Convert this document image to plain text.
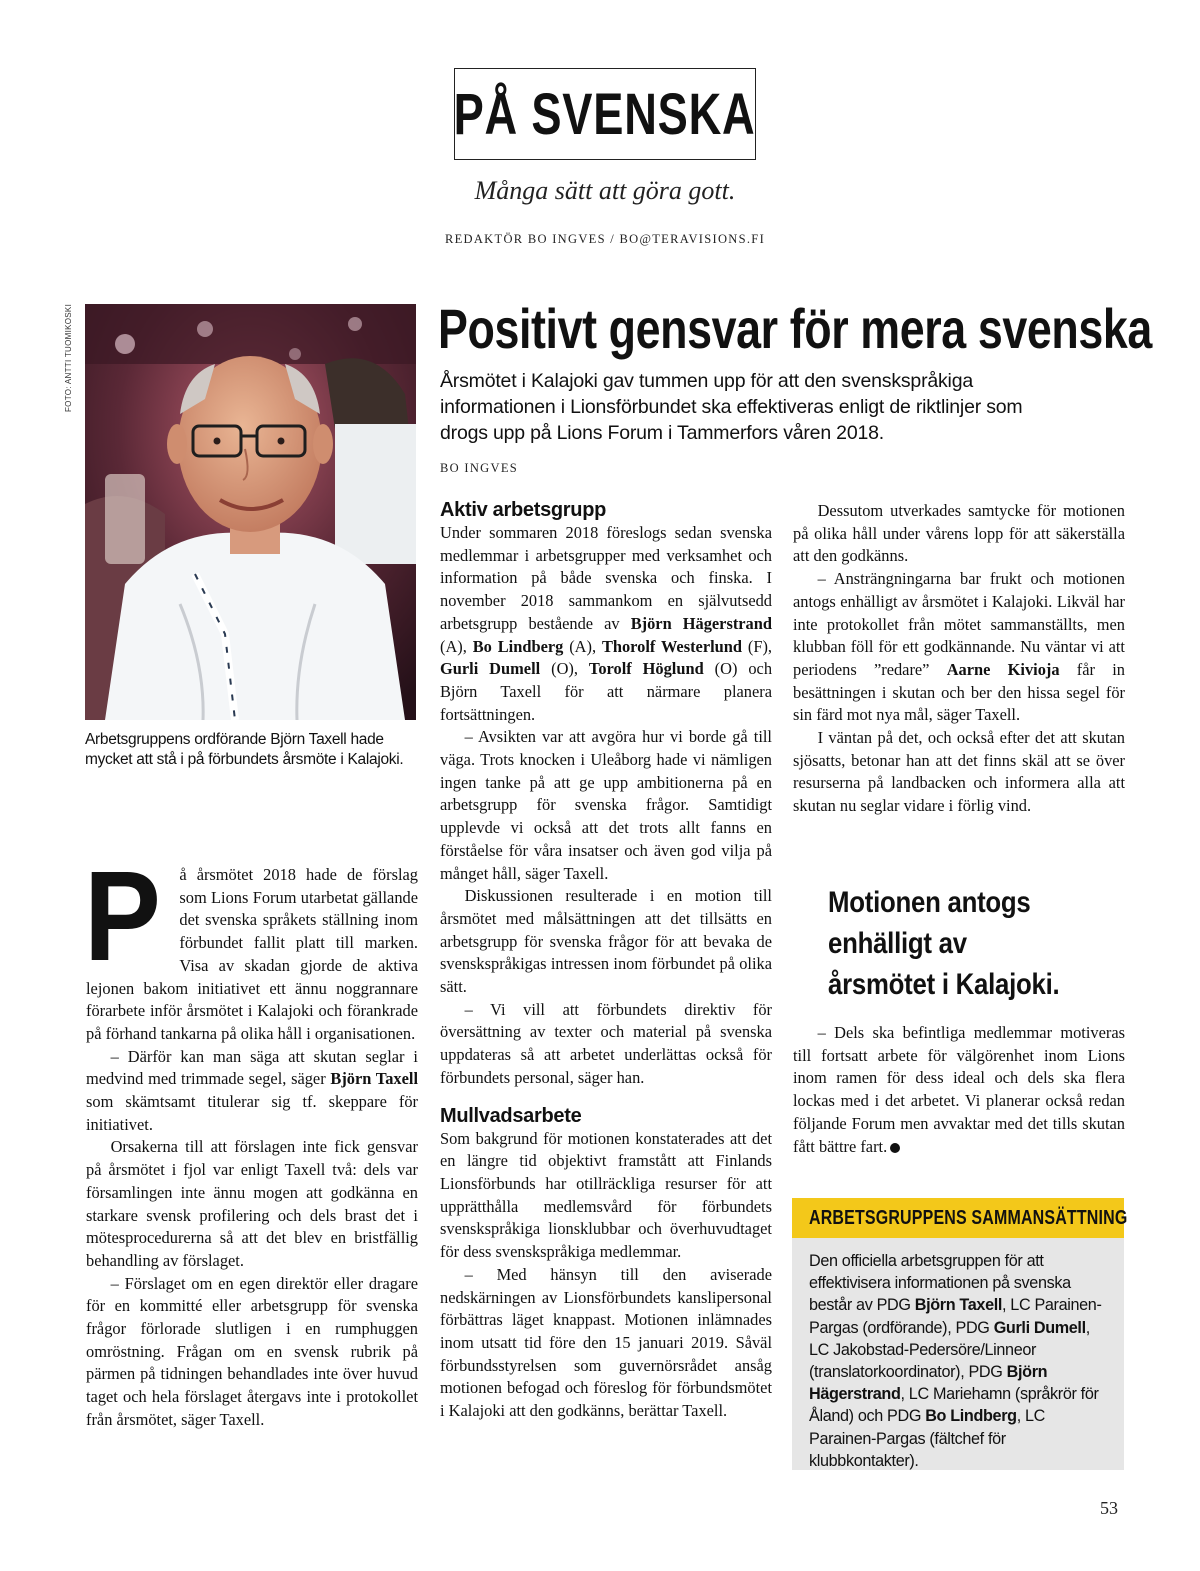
PÅ SVENSKA
Många sätt att göra gott.
REDAKTÖR BO INGVES / BO@TERAVISIONS.FI
FOTO: ANTTI TUOMIKOSKI
Arbetsgruppens ordförande Björn Taxell hade mycket att stå i på förbundets årsmöte i Kalajoki.
Positivt gensvar för mera svenska
Årsmötet i Kalajoki gav tummen upp för att den svenskspråkiga informationen i Lionsförbundet ska effektiveras enligt de riktlinjer som drogs upp på Lions Forum i Tammerfors våren 2018.
BO INGVES

P å årsmötet 2018 hade de förslag som Lions Forum utarbetat gällande det svenska språkets ställning inom förbundet fallit platt till marken. Visa av skadan gjorde de aktiva lejonen bakom initiativet ett ännu noggrannare förarbete inför årsmötet i Kalajoki och förankrade på förhand tankarna på olika håll i organisationen.

– Därför kan man säga att skutan seglar i medvind med trimmade segel, säger Björn Taxell som skämtsamt titulerar sig tf. skeppare för initiativet.

Orsakerna till att förslagen inte fick gensvar på årsmötet i fjol var enligt Taxell två: dels var församlingen inte ännu mogen att godkänna en starkare svensk profilering och dels brast det i mötesprocedurerna så att det blev en bristfällig behandling av förslaget.

– Förslaget om en egen direktör eller dragare för en kommitté eller arbetsgrupp för svenska frågor förlorade slutligen i en rumphuggen omröstning. Frågan om en svensk rubrik på pärmen på tidningen behandlades inte över huvud taget och hela förslaget återgavs inte i protokollet från årsmötet, säger Taxell.

Aktiv arbetsgrupp

Under sommaren 2018 föreslogs sedan svenska medlemmar i arbetsgrupper med verksamhet och information på både svenska och finska. I november 2018 sammankom en självutsedd arbetsgrupp bestående av Björn Hägerstrand (A), Bo Lindberg (A), Thorolf Westerlund (F), Gurli Dumell (O), Torolf Höglund (O) och Björn Taxell för att närmare planera fortsättningen.

– Avsikten var att avgöra hur vi borde gå till väga. Trots knocken i Uleåborg hade vi nämligen ingen tanke på att ge upp ambitionerna på en arbetsgrupp för svenska frågor. Samtidigt upplevde vi också att det trots allt fanns en förståelse för våra insatser och även god vilja på månget håll, säger Taxell.

Diskussionen resulterade i en motion till årsmötet med målsättningen att det tillsätts en arbetsgrupp för svenska frågor för att bevaka de svenskspråkigas intressen inom förbundet på olika sätt.

– Vi vill att förbundets direktiv för översättning av texter och material på svenska uppdateras så att arbetet underlättas också för förbundets personal, säger han.

Mullvadsarbete

Som bakgrund för motionen konstaterades att det en längre tid objektivt framstått att Finlands Lionsförbunds har otillräckliga resurser för att upprätthålla medlemsvård för förbundets svenskspråkiga lionsklubbar och överhuvudtaget för dess svenskspråkiga medlemmar.

– Med hänsyn till den aviserade nedskärningen av Lionsförbundets kanslipersonal förbättras läget knappast. Motionen inlämnades inom utsatt tid före den 15 januari 2019. Såväl förbundsstyrelsen som guvernörsrådet ansåg motionen befogad och föreslog för förbundsmötet i Kalajoki att den godkänns, berättar Taxell.

Dessutom utverkades samtycke för motionen på olika håll under vårens lopp för att säkerställa att den godkänns.

– Ansträngningarna bar frukt och motionen antogs enhälligt av årsmötet i Kalajoki. Likväl har inte protokollet från mötet sammanställts, men klubban föll för ett godkännande. Nu väntar vi att periodens ”redare” Aarne Kivioja får in besättningen i skutan och ber den hissa segel för sin färd mot nya mål, säger Taxell.

I väntan på det, och också efter det att skutan sjösatts, betonar han att det finns skäl att se över resurserna på landbacken och informera alla att skutan nu seglar vidare i förlig vind.

Motionen antogs enhälligt av årsmötet i Kalajoki.

– Dels ska befintliga medlemmar motiveras till fortsatt arbete för välgörenhet inom Lions inom ramen för dess ideal och dels ska flera lockas med i det arbetet. Vi planerar också redan följande Forum men avvaktar med det tills skutan fått bättre fart.

ARBETSGRUPPENS SAMMANSÄTTNING
Den officiella arbetsgruppen för att effektivisera informationen på svenska består av PDG Björn Taxell, LC Parainen-Pargas (ordförande), PDG Gurli Dumell, LC Jakobstad-Pedersöre/Linneor (translatorkoordinator), PDG Björn Hägerstrand, LC Mariehamn (språkrör för Åland) och PDG Bo Lindberg, LC Parainen-Pargas (fältchef för klubbkontakter).
53
